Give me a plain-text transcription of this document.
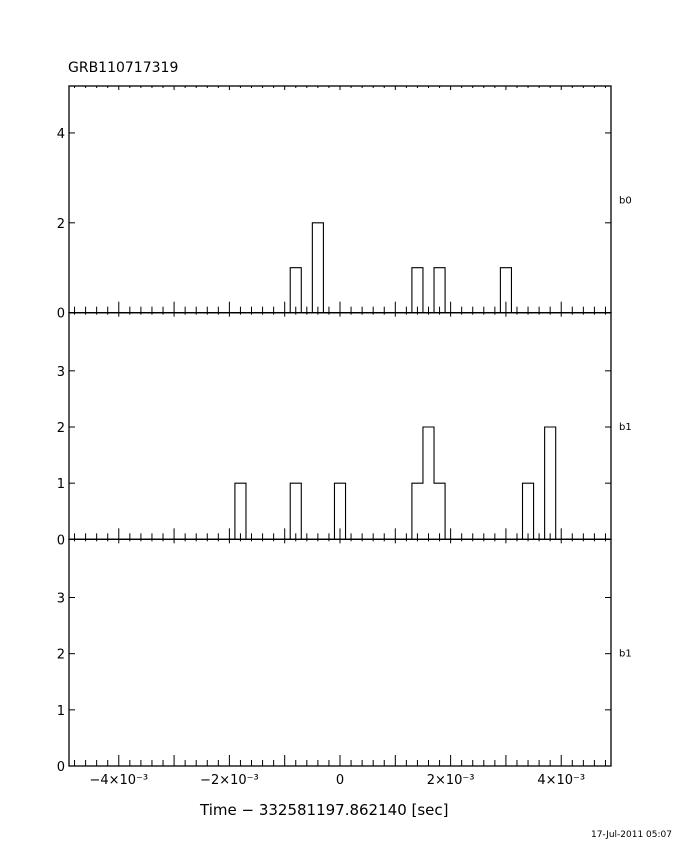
GRB110717319
0
2
4
b0
0
1
2
3
b1
0
1
2
3
b1
−4×10⁻³	−2×10⁻³	0	2×10⁻³	4×10⁻³
Time − 332581197.862140 [sec]
17-Jul-2011 05:07
